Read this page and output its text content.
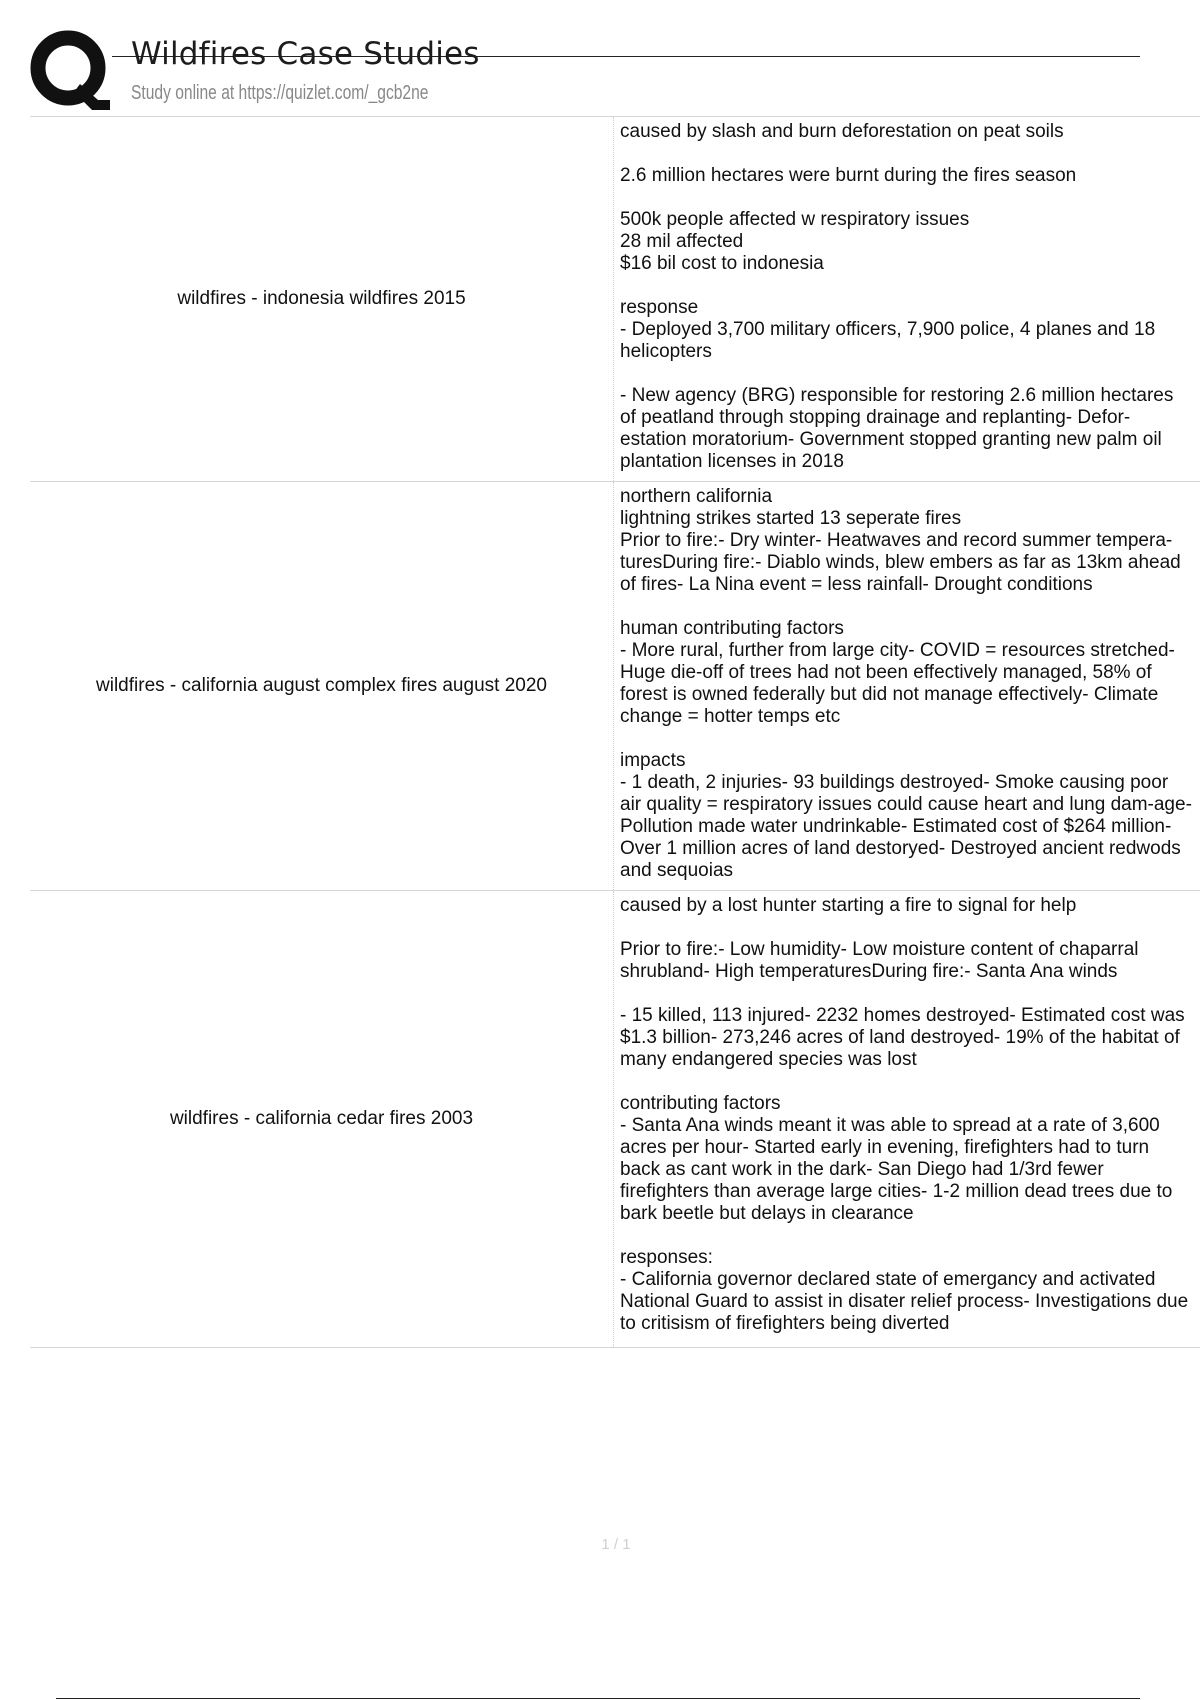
Wildfires Case Studies
Study online at https://quizlet.com/_gcb2ne
wildfires - indonesia wildfires 2015
caused by slash and burn deforestation on peat soils

2.6 million hectares were burnt during the fires season

500k people affected w respiratory issues
28 mil affected
$16 bil cost to indonesia

response
- Deployed 3,700 military officers, 7,900 police, 4 planes and 18 helicopters

- New agency (BRG) responsible for restoring 2.6 million hectares of peatland through stopping drainage and replanting- Defor-estation moratorium- Government stopped granting new palm oil plantation licenses in 2018
wildfires - california august complex fires august 2020
northern california
lightning strikes started 13 seperate fires
Prior to fire:- Dry winter- Heatwaves and record summer tempera-turesDuring fire:- Diablo winds, blew embers as far as 13km ahead of fires- La Nina event = less rainfall- Drought conditions

human contributing factors
- More rural, further from large city- COVID = resources stretched-Huge die-off of trees had not been effectively managed, 58% of forest is owned federally but did not manage effectively- Climate change = hotter temps etc

impacts
- 1 death, 2 injuries- 93 buildings destroyed- Smoke causing poor air quality = respiratory issues could cause heart and lung dam-age- Pollution made water undrinkable- Estimated cost of $264 million- Over 1 million acres of land destoryed- Destroyed ancient redwods and sequoias
wildfires - california cedar fires 2003
caused by a lost hunter starting a fire to signal for help

Prior to fire:- Low humidity- Low moisture content of chaparral shrubland- High temperaturesDuring fire:- Santa Ana winds

- 15 killed, 113 injured- 2232 homes destroyed- Estimated cost was $1.3 billion- 273,246 acres of land destroyed- 19% of the habitat of many endangered species was lost

contributing factors
- Santa Ana winds meant it was able to spread at a rate of 3,600 acres per hour- Started early in evening, firefighters had to turn back as cant work in the dark- San Diego had 1/3rd fewer firefighters than average large cities- 1-2 million dead trees due to bark beetle but delays in clearance

responses:
- California governor declared state of emergancy and activated National Guard to assist in disater relief process- Investigations due to critisism of firefighters being diverted
1 / 1
